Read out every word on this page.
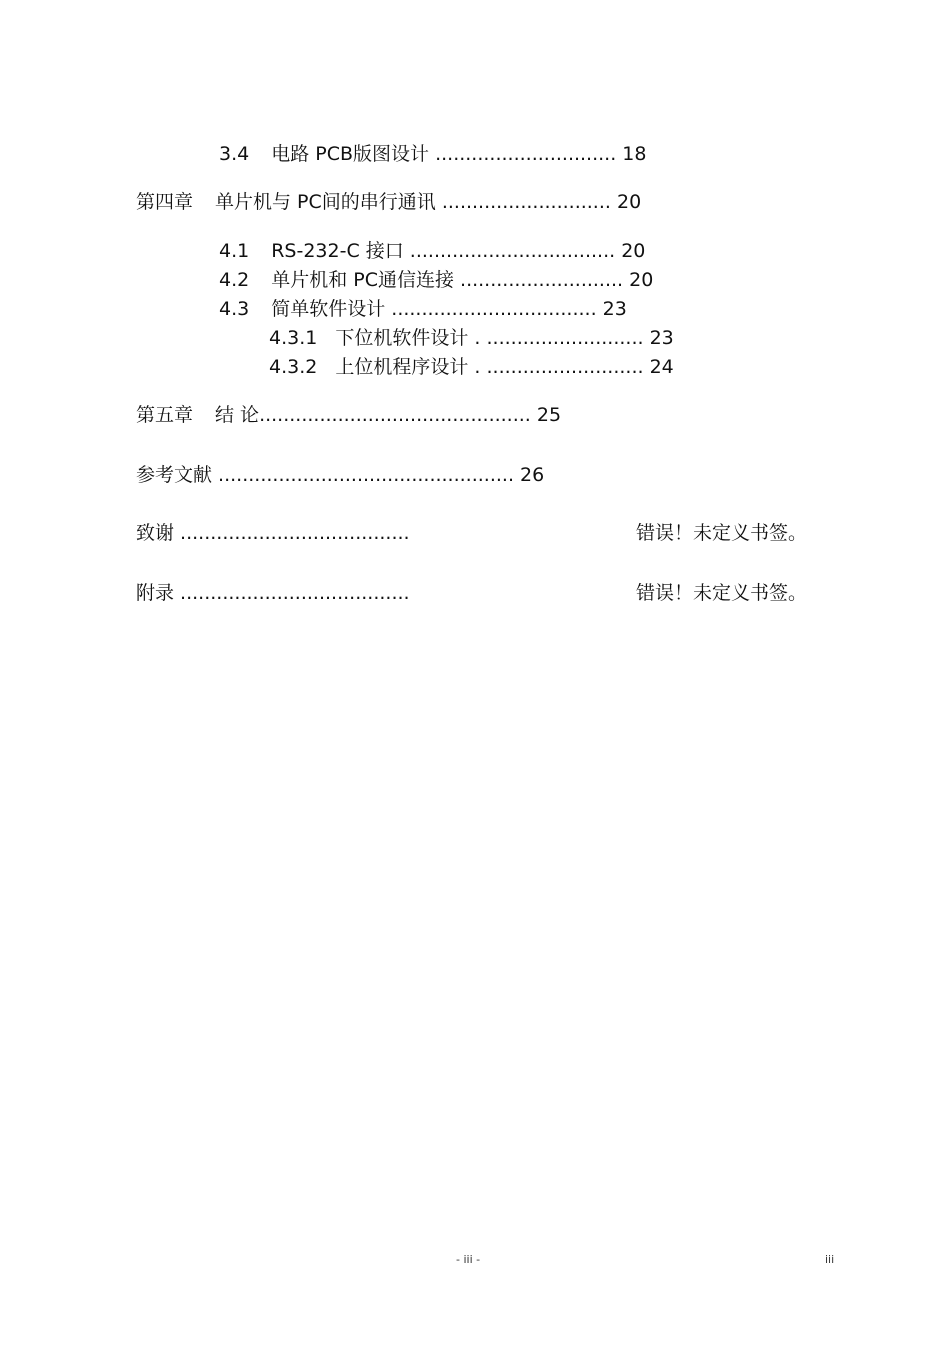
3.4 电路 PCB版图设计 .............................. 18
第四章 单片机与 PC间的串行通讯 ............................ 20
4.1 RS-232-C 接口 .................................. 20
4.2 单片机和 PC通信连接 ........................... 20
4.3 简单软件设计 .................................. 23
4.3.1 下位机软件设计 . .......................... 23
4.3.2 上位机程序设计 . .......................... 24
第五章 结 论............................................. 25
参考文献 ................................................. 26
致谢 ......................................	错误！未定义书签。
附录 ......................................	错误！未定义书签。
- iii -	iii
